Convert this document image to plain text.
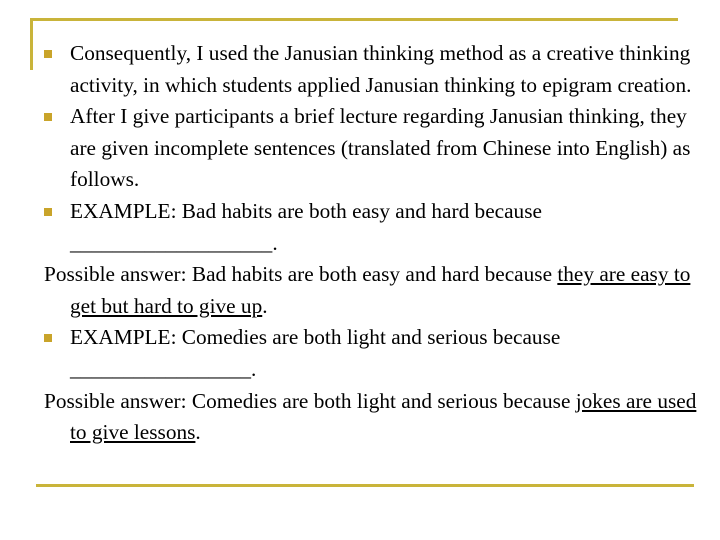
Consequently, I used the Janusian thinking method as a creative thinking activity, in which students applied Janusian thinking to epigram creation.

After I give participants a brief lecture regarding Janusian thinking, they are given incomplete sentences (translated from Chinese into English) as follows.

EXAMPLE: Bad habits are both easy and hard because ___________________.

Possible answer: Bad habits are both easy and hard because they are easy to get but hard to give up.

EXAMPLE: Comedies are both light and serious because _________________.

Possible answer: Comedies are both light and serious because jokes are used to give lessons.
